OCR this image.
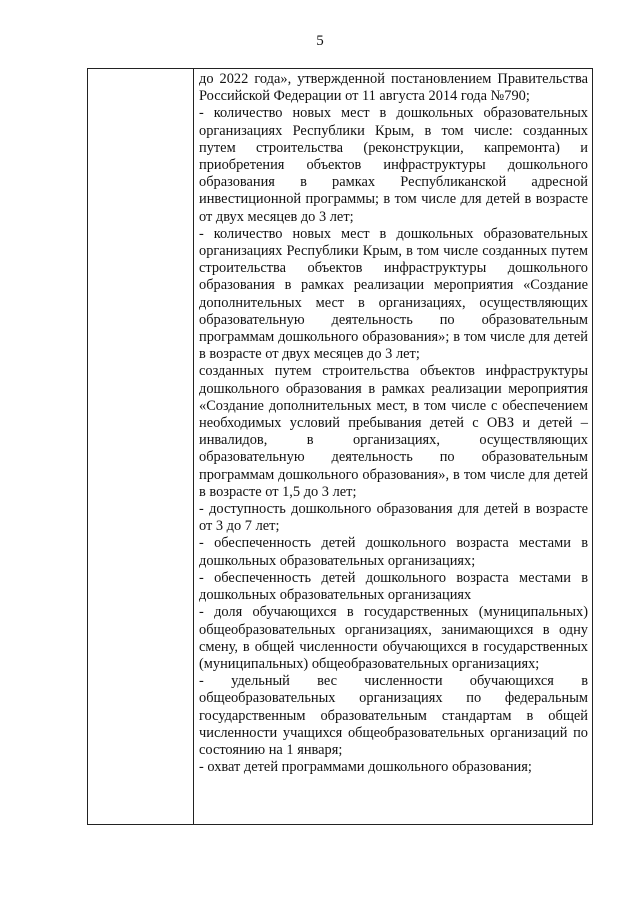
5

до 2022 года», утвержденной постановлением Правительства Российской Федерации от 11 августа 2014 года №790;

- количество новых мест в дошкольных образовательных организациях Республики Крым, в том числе: созданных путем строительства (реконструкции, капремонта) и приобретения объектов инфраструктуры дошкольного образования в рамках Республиканской адресной инвестиционной программы; в том числе для детей в возрасте от двух месяцев до 3 лет;

- количество новых мест в дошкольных образовательных организациях Республики Крым, в том числе созданных путем строительства объектов инфраструктуры дошкольного образования в рамках реализации мероприятия «Создание дополнительных мест в организациях, осуществляющих образовательную деятельность по образовательным программам дошкольного образования»; в том числе для детей в возрасте от двух месяцев до 3 лет;

созданных путем строительства объектов инфраструктуры дошкольного образования в рамках реализации мероприятия «Создание дополнительных мест, в том числе с обеспечением необходимых условий пребывания детей с ОВЗ и детей –инвалидов, в организациях, осуществляющих образовательную деятельность по образовательным программам дошкольного образования», в том числе для детей в возрасте от 1,5 до 3 лет;

- доступность дошкольного образования для детей в возрасте от 3 до 7 лет;

- обеспеченность детей дошкольного возраста местами в дошкольных образовательных организациях;

- обеспеченность детей дошкольного возраста местами в дошкольных образовательных организациях

- доля обучающихся в государственных (муниципальных) общеобразовательных организациях, занимающихся в одну смену, в общей численности обучающихся в государственных (муниципальных) общеобразовательных организациях;

- удельный вес численности обучающихся в общеобразовательных организациях по федеральным государственным образовательным стандартам в общей численности учащихся общеобразовательных организаций по состоянию на 1 января;

- охват детей программами дошкольного образования;
